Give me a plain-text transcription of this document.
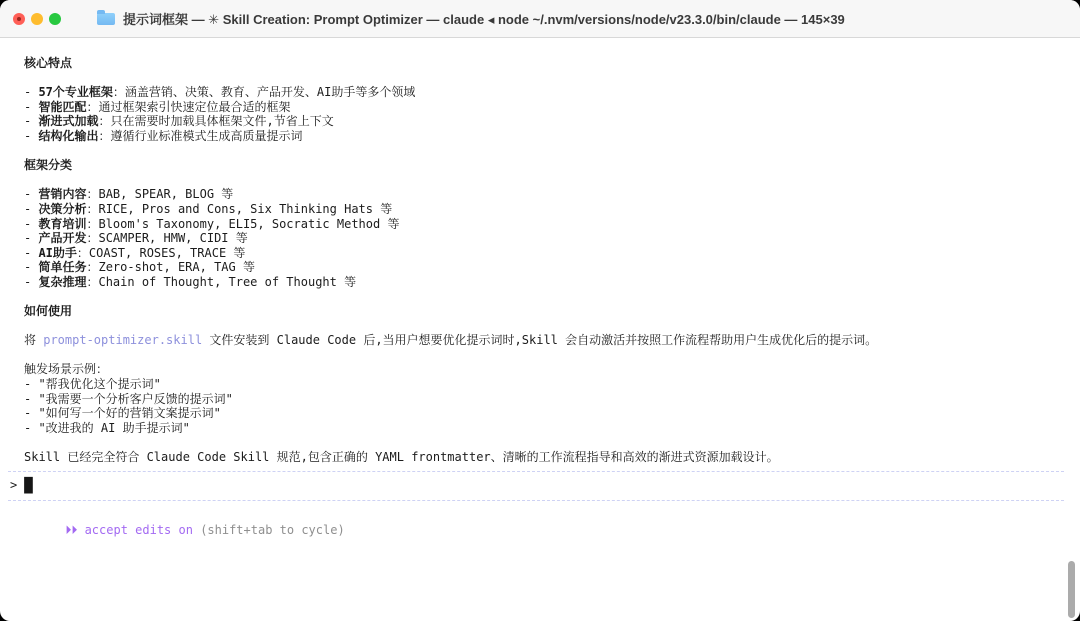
提示词框架 — ✳ Skill Creation: Prompt Optimizer — claude ◂ node ~/.nvm/versions/node/v23.3.0/bin/claude — 145×39
核心特点

- 57个专业框架：涵盖营销、决策、教育、产品开发、AI助手等多个领域
- 智能匹配：通过框架索引快速定位最合适的框架
- 渐进式加载：只在需要时加载具体框架文件,节省上下文
- 结构化输出：遵循行业标准模式生成高质量提示词

框架分类

- 营销内容：BAB, SPEAR, BLOG 等
- 决策分析：RICE, Pros and Cons, Six Thinking Hats 等
- 教育培训：Bloom's Taxonomy, ELI5, Socratic Method 等
- 产品开发：SCAMPER, HMW, CIDI 等
- AI助手：COAST, ROSES, TRACE 等
- 简单任务：Zero-shot, ERA, TAG 等
- 复杂推理：Chain of Thought, Tree of Thought 等

如何使用

将 prompt-optimizer.skill 文件安装到 Claude Code 后,当用户想要优化提示词时,Skill 会自动激活并按照工作流程帮助用户生成优化后的提示词。

触发场景示例：
- "帮我优化这个提示词"
- "我需要一个分析客户反馈的提示词"
- "如何写一个好的营销文案提示词"
- "改进我的 AI 助手提示词"

Skill 已经完全符合 Claude Code Skill 规范,包含正确的 YAML frontmatter、清晰的工作流程指导和高效的渐进式资源加载设计。
> █

⏵⏵ accept edits on (shift+tab to cycle)
